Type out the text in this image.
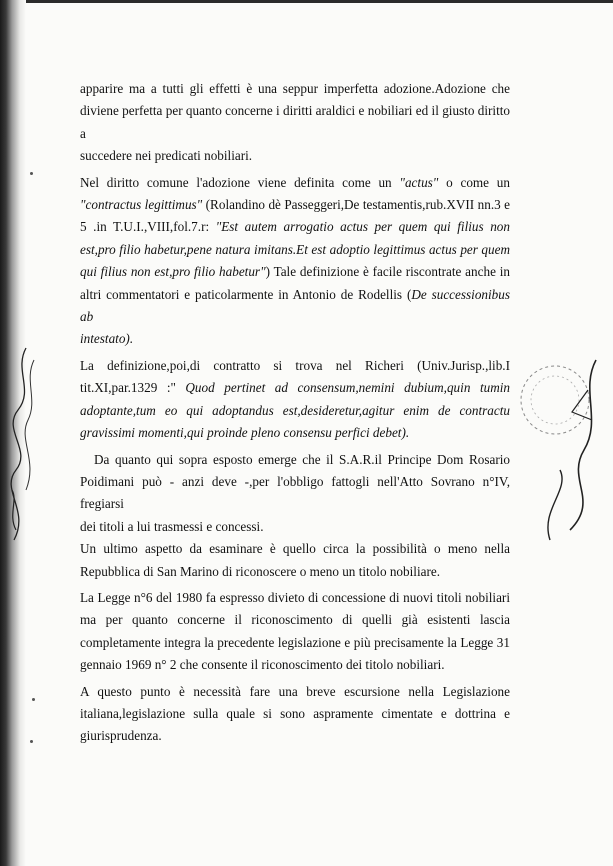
apparire ma a tutti gli effetti è una seppur imperfetta adozione.Adozione che

diviene perfetta per quanto concerne i diritti araldici e nobiliari ed il giusto diritto a

succedere nei predicati nobiliari.

Nel diritto comune l'adozione viene definita come un "actus" o come un

"contractus legittimus" (Rolandino dè Passeggeri,De testamentis,rub.XVII nn.3 e

5 .in T.U.I.,VIII,fol.7.r: "Est autem arrogatio actus per quem qui filius non

est,pro filio habetur,pene natura imitans.Et est adoptio legittimus actus per quem

qui filius non est,pro filio habetur") Tale definizione è facile riscontrate anche in

altri commentatori e paticolarmente in Antonio de Rodellis (De successionibus ab

intestato).

La definizione,poi,di contratto si trova nel Richeri (Univ.Jurisp.,lib.I

tit.XI,par.1329 :" Quod pertinet ad consensum,nemini dubium,quin tumin

adoptante,tum eo qui adoptandus est,desideretur,agitur enim de contractu

gravissimi momenti,qui proinde pleno consensu perfici debet).

Da quanto qui sopra esposto emerge che il S.A.R.il Principe Dom Rosario

Poidimani può - anzi deve -,per l'obbligo fattogli nell'Atto Sovrano n°IV, fregiarsi

dei titoli a lui trasmessi e concessi.

Un ultimo aspetto da esaminare è quello circa la possibilità o meno nella

Repubblica di San Marino di riconoscere o meno un titolo nobiliare.

La Legge n°6 del 1980 fa espresso divieto di concessione di nuovi titoli nobiliari

ma per quanto concerne il riconoscimento di quelli già esistenti lascia

completamente integra la precedente legislazione e più precisamente la Legge 31

gennaio 1969 n° 2 che consente il riconoscimento dei titolo nobiliari.

A questo punto è necessità fare una breve escursione nella Legislazione

italiana,legislazione sulla quale si sono aspramente cimentate e dottrina e

giurisprudenza.
